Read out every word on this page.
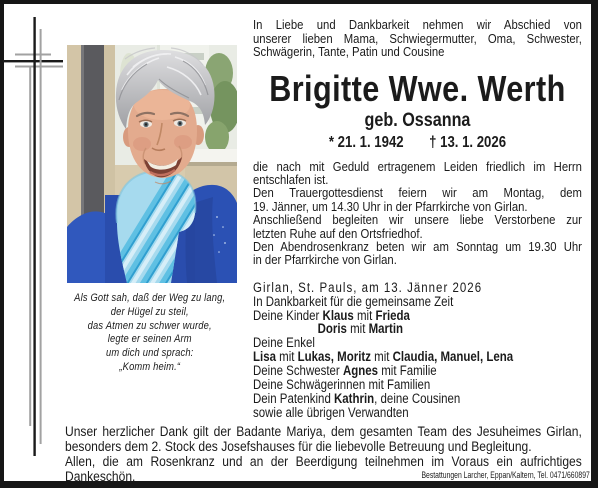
Als Gott sah, daß der Weg zu lang,
der Hügel zu steil,
das Atmen zu schwer wurde,
legte er seinen Arm
um dich und sprach:
„Komm heim.“
In Liebe und Dankbarkeit nehmen wir Abschied von
unserer lieben Mama, Schwiegermutter, Oma, Schwester,
Schwägerin, Tante, Patin und Cousine
Brigitte Wwe. Werth
geb. Ossanna
* 21. 1. 1942 † 13. 1. 2026
die nach mit Geduld ertragenem Leiden friedlich im Herrn
entschlafen ist.
Den Trauergottesdienst feiern wir am Montag, dem
19. Jänner, um 14.30 Uhr in der Pfarrkirche von Girlan.
Anschließend begleiten wir unsere liebe Verstorbene zur
letzten Ruhe auf den Ortsfriedhof.
Den Abendrosenkranz beten wir am Sonntag um 19.30 Uhr
in der Pfarrkirche von Girlan.
Girlan, St. Pauls, am 13. Jänner 2026
In Dankbarkeit für die gemeinsame Zeit
Deine Kinder Klaus mit Frieda
Doris mit Martin
Deine Enkel
Lisa mit Lukas, Moritz mit Claudia, Manuel, Lena
Deine Schwester Agnes mit Familie
Deine Schwägerinnen mit Familien
Dein Patenkind Kathrin, deine Cousinen
sowie alle übrigen Verwandten
Unser herzlicher Dank gilt der Badante Mariya, dem gesamten Team des Jesuheimes Girlan,
besonders dem 2. Stock des Josefshauses für die liebevolle Betreuung und Begleitung.
Allen, die am Rosenkranz und an der Beerdigung teilnehmen im Voraus ein aufrichtiges
Dankeschön.	Bestattungen Larcher, Eppan/Kaltern, Tel. 0471/660897
